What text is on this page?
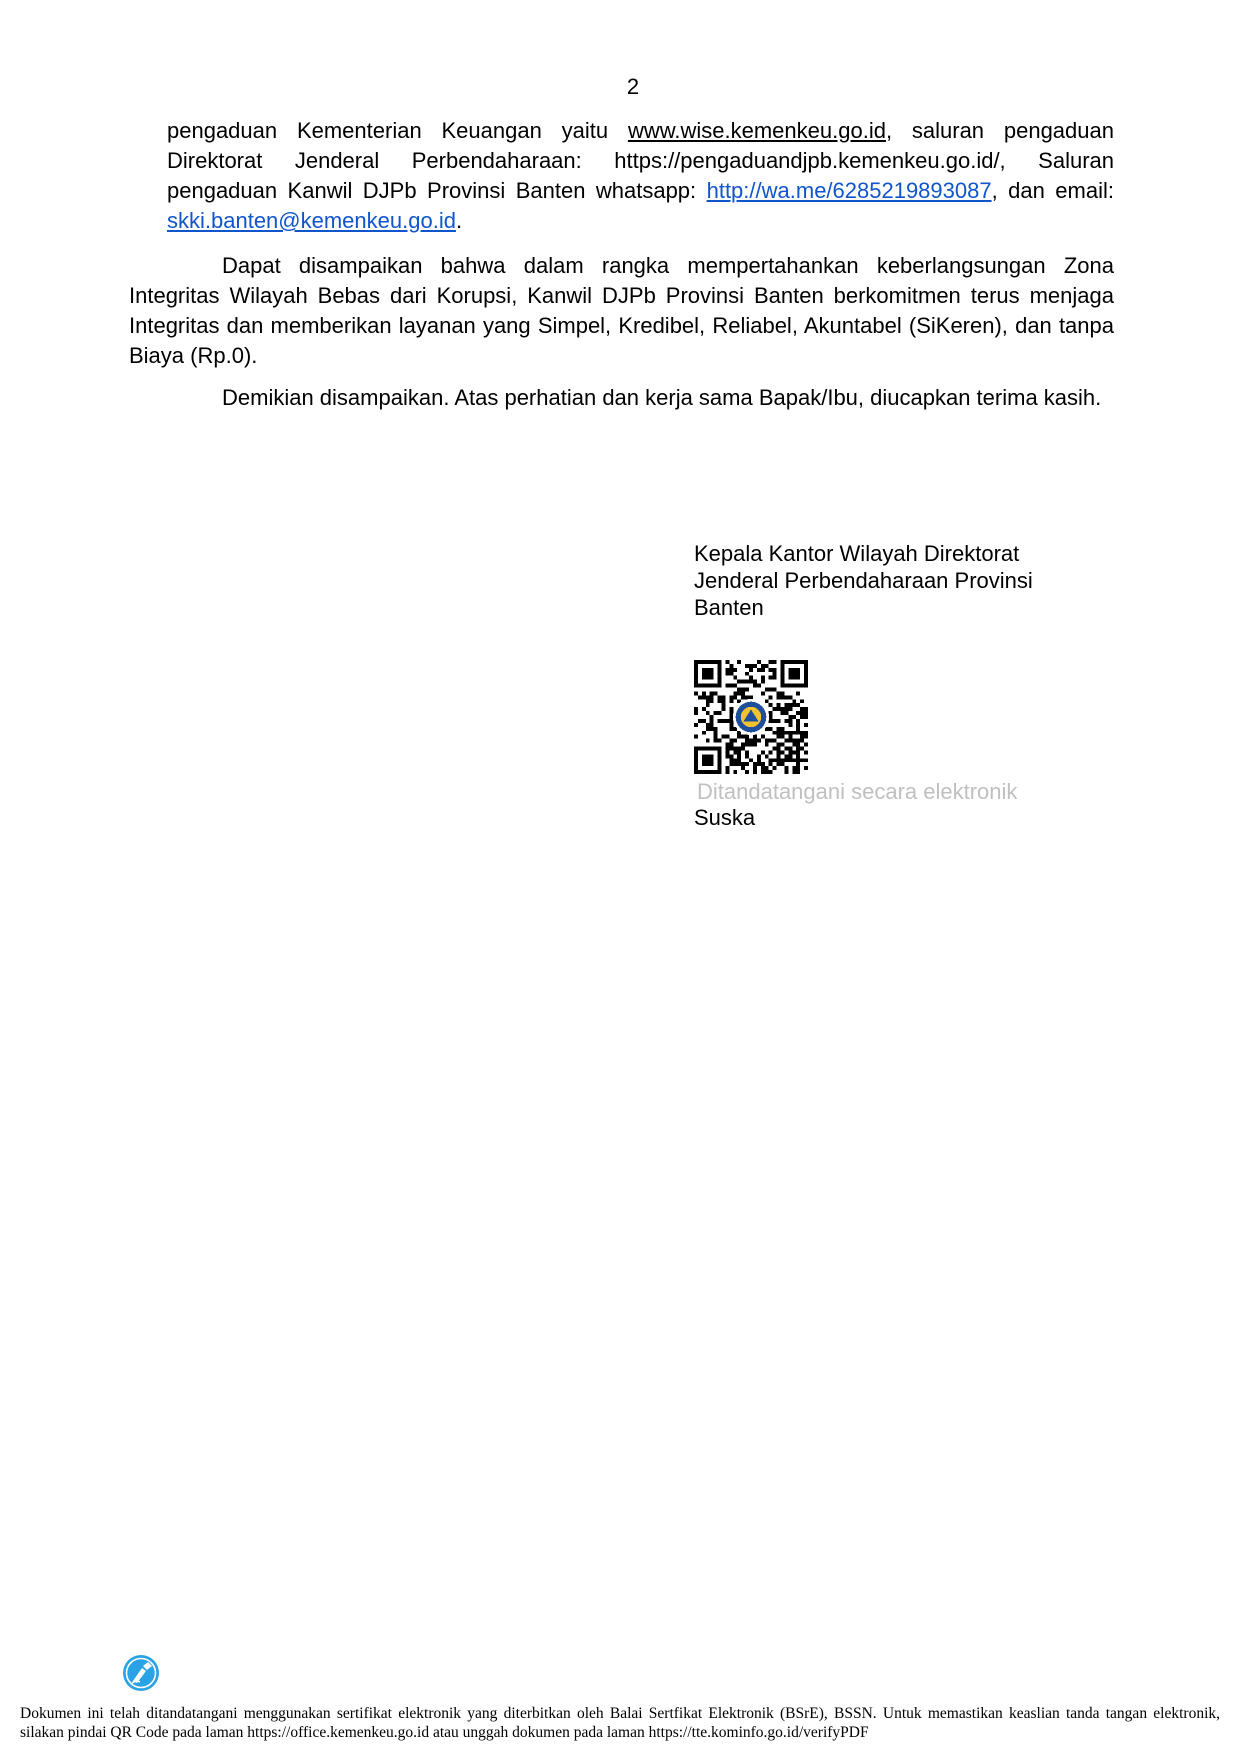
2

pengaduan Kementerian Keuangan yaitu www.wise.kemenkeu.go.id, saluran pengaduan Direktorat Jenderal Perbendaharaan: https://pengaduandjpb.kemenkeu.go.id/, Saluran pengaduan Kanwil DJPb Provinsi Banten whatsapp: http://wa.me/6285219893087, dan email: skki.banten@kemenkeu.go.id.

Dapat disampaikan bahwa dalam rangka mempertahankan keberlangsungan Zona Integritas Wilayah Bebas dari Korupsi, Kanwil DJPb Provinsi Banten berkomitmen terus menjaga Integritas dan memberikan layanan yang Simpel, Kredibel, Reliabel, Akuntabel (SiKeren), dan tanpa Biaya (Rp.0).

Demikian disampaikan. Atas perhatian dan kerja sama Bapak/Ibu, diucapkan terima kasih.

Kepala Kantor Wilayah Direktorat
Jenderal Perbendaharaan Provinsi
Banten
Ditandatangani secara elektronik
Suska
Dokumen ini telah ditandatangani menggunakan sertifikat elektronik yang diterbitkan oleh Balai Sertfikat Elektronik (BSrE), BSSN. Untuk memastikan keaslian tanda tangan elektronik, silakan pindai QR Code pada laman https://office.kemenkeu.go.id atau unggah dokumen pada laman https://tte.kominfo.go.id/verifyPDF
